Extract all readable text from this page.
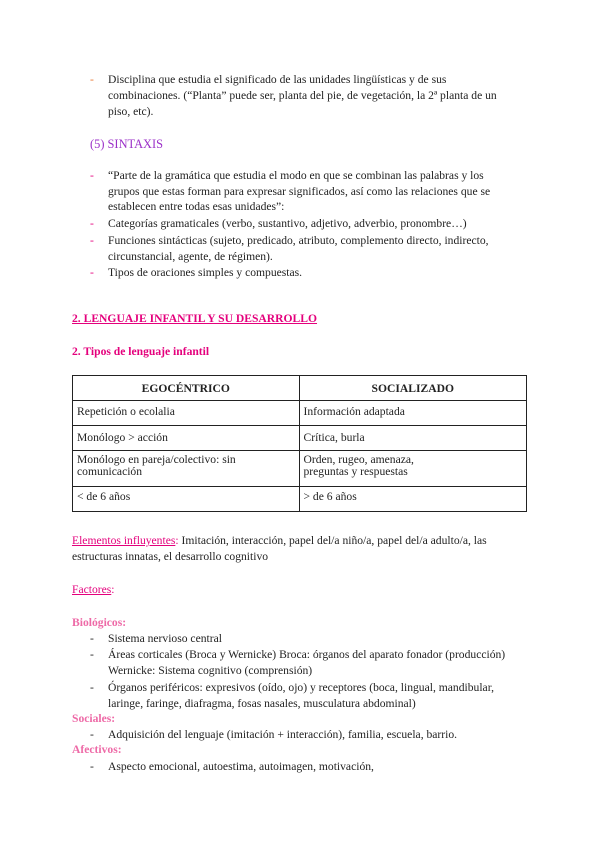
- Disciplina que estudia el significado de las unidades lingüísticas y de sus
combinaciones. (“Planta” puede ser, planta del pie, de vegetación, la 2ª planta de un
piso, etc).
(5) SINTAXIS
- “Parte de la gramática que estudia el modo en que se combinan las palabras y los
grupos que estas forman para expresar significados, así como las relaciones que se
establecen entre todas esas unidades”:
- Categorías gramaticales (verbo, sustantivo, adjetivo, adverbio, pronombre…)
- Funciones sintácticas (sujeto, predicado, atributo, complemento directo, indirecto,
circunstancial, agente, de régimen).
- Tipos de oraciones simples y compuestas.
2. LENGUAJE INFANTIL Y SU DESARROLLO
2. Tipos de lenguaje infantil
EGOCÉNTRICO	SOCIALIZADO
Repetición o ecolalia	Información adaptada
Monólogo > acción	Crítica, burla
Monólogo en pareja/colectivo: sin
comunicación	Orden, rugeo, amenaza,
preguntas y respuestas
< de 6 años	> de 6 años
Elementos influyentes: Imitación, interacción, papel del/a niño/a, papel del/a adulto/a, las
estructuras innatas, el desarrollo cognitivo
Factores:
Biológicos:
- Sistema nervioso central
- Áreas corticales (Broca y Wernicke) Broca: órganos del aparato fonador (producción)
Wernicke: Sistema cognitivo (comprensión)
- Órganos periféricos: expresivos (oído, ojo) y receptores (boca, lingual, mandibular,
laringe, faringe, diafragma, fosas nasales, musculatura abdominal)
Sociales:
- Adquisición del lenguaje (imitación + interacción), familia, escuela, barrio.
Afectivos:
- Aspecto emocional, autoestima, autoimagen, motivación,
